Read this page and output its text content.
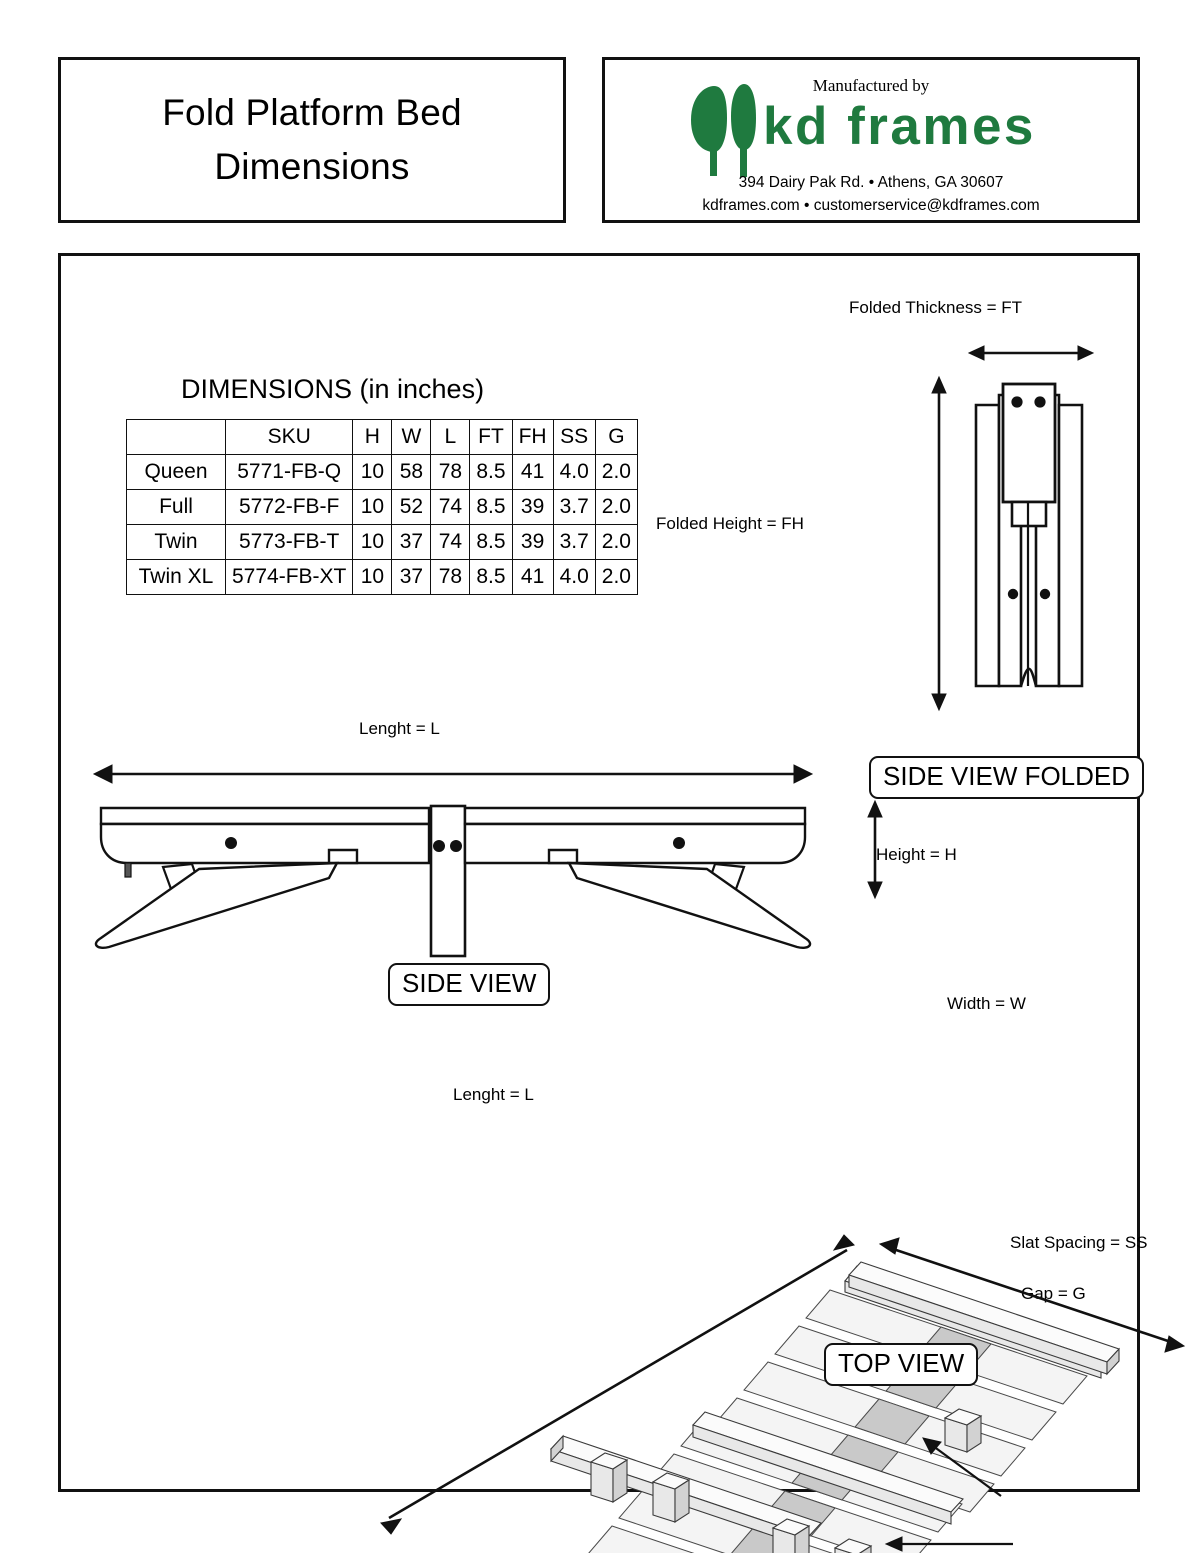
Fold Platform Bed
Dimensions
Manufactured by
kd frames
394 Dairy Pak Rd. • Athens, GA 30607
kdframes.com • customerservice@kdframes.com
DIMENSIONS (in inches)
	SKU	H	W	L	FT	FH	SS	G
Queen	5771-FB-Q	10	58	78	8.5	41	4.0	2.0
Full	5772-FB-F	10	52	74	8.5	39	3.7	2.0
Twin	5773-FB-T	10	37	74	8.5	39	3.7	2.0
Twin XL	5774-FB-XT	10	37	78	8.5	41	4.0	2.0
Folded Thickness = FT
Folded Height = FH
SIDE VIEW FOLDED
Lenght = L
Height = H
SIDE VIEW
Lenght = L
Width = W
Slat Spacing = SS
Gap = G
TOP VIEW
